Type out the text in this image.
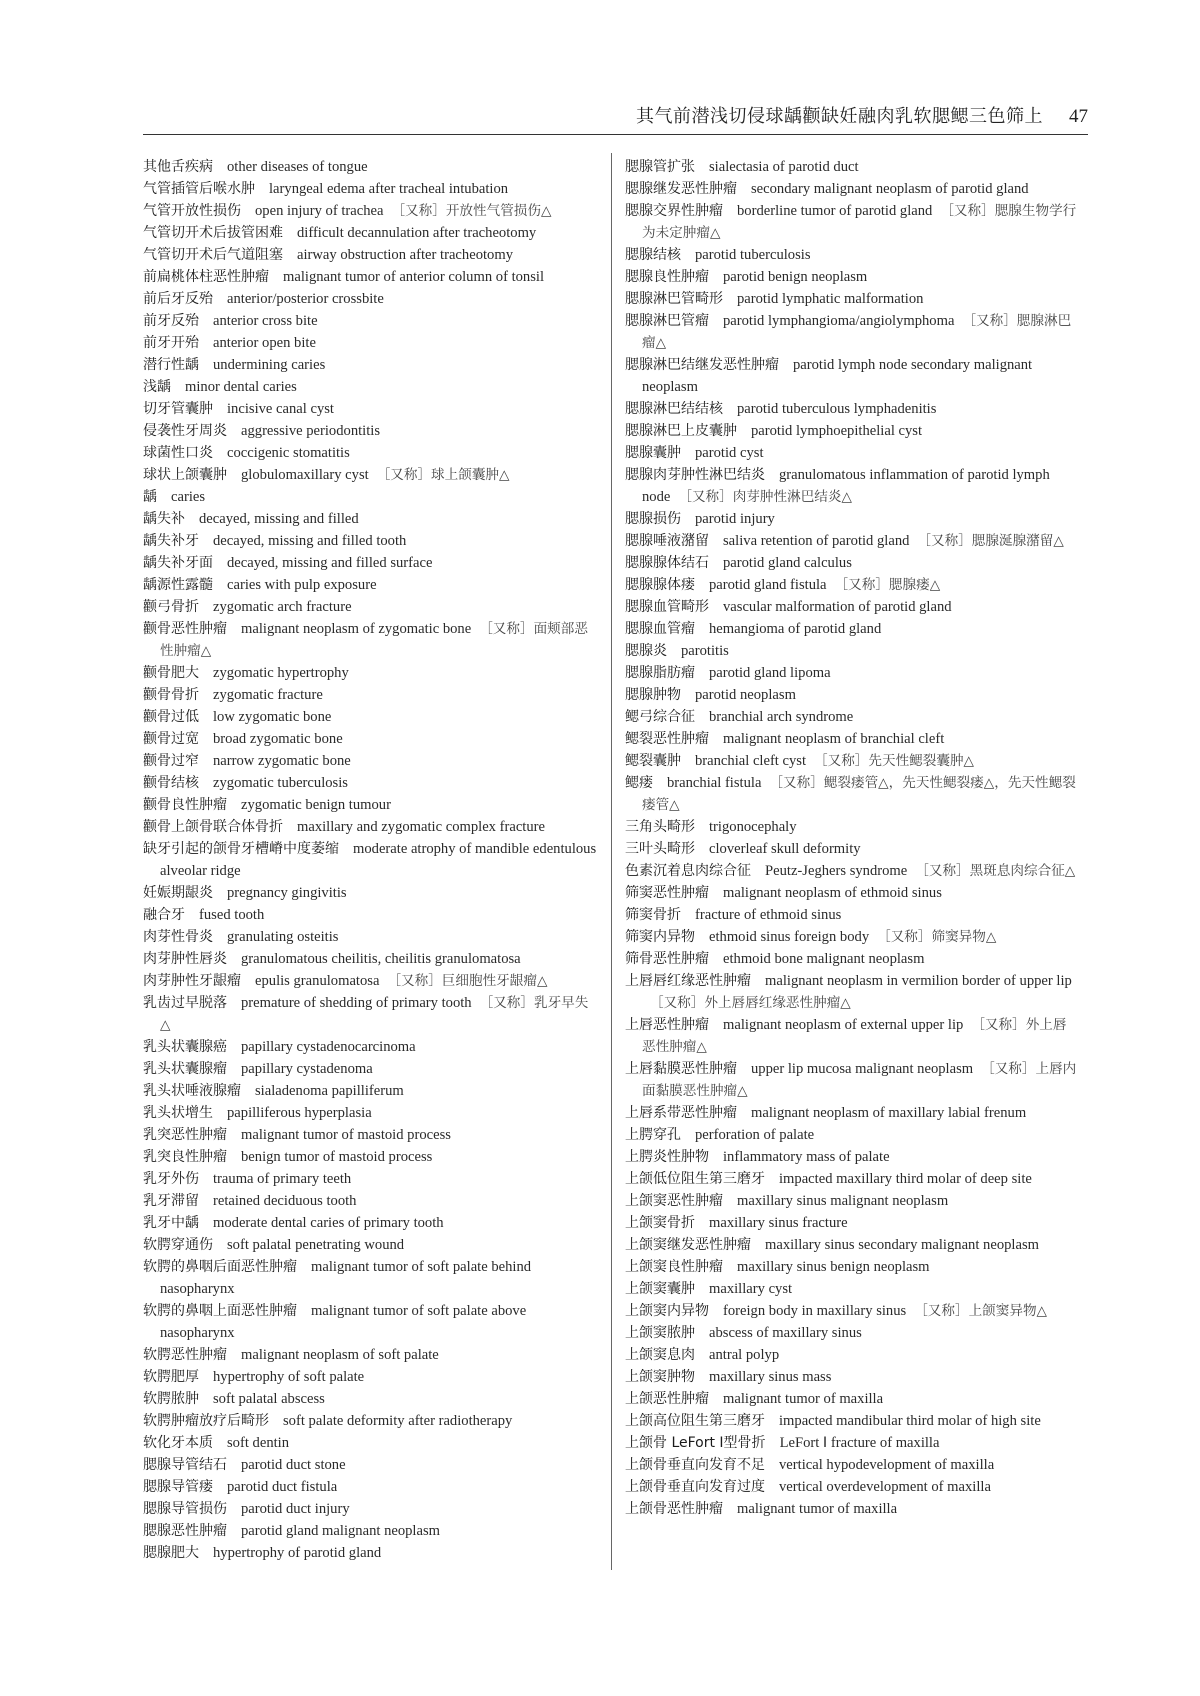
其气前潜浅切侵球龋颧缺妊融肉乳软腮鳃三色筛上 47
其他舌疾病 other diseases of tongue
气管插管后喉水肿 laryngeal edema after tracheal intubation
气管开放性损伤 open injury of trachea ［又称］开放性气管损伤△
气管切开术后拔管困难 difficult decannulation after tracheotomy
气管切开术后气道阻塞 airway obstruction after tracheotomy
前扁桃体柱恶性肿瘤 malignant tumor of anterior column of tonsil
前后牙反殆 anterior/posterior crossbite
前牙反殆 anterior cross bite
前牙开殆 anterior open bite
潜行性龋 undermining caries
浅龋 minor dental caries
切牙管囊肿 incisive canal cyst
侵袭性牙周炎 aggressive periodontitis
球菌性口炎 coccigenic stomatitis
球状上颌囊肿 globulomaxillary cyst ［又称］球上颌囊肿△
龋 caries
龋失补 decayed, missing and filled
龋失补牙 decayed, missing and filled tooth
龋失补牙面 decayed, missing and filled surface
龋源性露髓 caries with pulp exposure
颧弓骨折 zygomatic arch fracture
颧骨恶性肿瘤 malignant neoplasm of zygomatic bone ［又称］面颊部恶性肿瘤△
颧骨肥大 zygomatic hypertrophy
颧骨骨折 zygomatic fracture
颧骨过低 low zygomatic bone
颧骨过宽 broad zygomatic bone
颧骨过窄 narrow zygomatic bone
颧骨结核 zygomatic tuberculosis
颧骨良性肿瘤 zygomatic benign tumour
颧骨上颌骨联合体骨折 maxillary and zygomatic complex fracture
缺牙引起的颌骨牙槽嵴中度萎缩 moderate atrophy of mandible edentulous alveolar ridge
妊娠期龈炎 pregnancy gingivitis
融合牙 fused tooth
肉芽性骨炎 granulating osteitis
肉芽肿性唇炎 granulomatous cheilitis, cheilitis granulomatosa
肉芽肿性牙龈瘤 epulis granulomatosa ［又称］巨细胞性牙龈瘤△
乳齿过早脱落 premature of shedding of primary tooth ［又称］乳牙早失△
乳头状囊腺癌 papillary cystadenocarcinoma
乳头状囊腺瘤 papillary cystadenoma
乳头状唾液腺瘤 sialadenoma papilliferum
乳头状增生 papilliferous hyperplasia
乳突恶性肿瘤 malignant tumor of mastoid process
乳突良性肿瘤 benign tumor of mastoid process
乳牙外伤 trauma of primary teeth
乳牙滞留 retained deciduous tooth
乳牙中龋 moderate dental caries of primary tooth
软腭穿通伤 soft palatal penetrating wound
软腭的鼻咽后面恶性肿瘤 malignant tumor of soft palate behind nasopharynx
软腭的鼻咽上面恶性肿瘤 malignant tumor of soft palate above nasopharynx
软腭恶性肿瘤 malignant neoplasm of soft palate
软腭肥厚 hypertrophy of soft palate
软腭脓肿 soft palatal abscess
软腭肿瘤放疗后畸形 soft palate deformity after radiotherapy
软化牙本质 soft dentin
腮腺导管结石 parotid duct stone
腮腺导管瘘 parotid duct fistula
腮腺导管损伤 parotid duct injury
腮腺恶性肿瘤 parotid gland malignant neoplasm
腮腺肥大 hypertrophy of parotid gland
腮腺管扩张 sialectasia of parotid duct
腮腺继发恶性肿瘤 secondary malignant neoplasm of parotid gland
腮腺交界性肿瘤 borderline tumor of parotid gland ［又称］腮腺生物学行为未定肿瘤△
腮腺结核 parotid tuberculosis
腮腺良性肿瘤 parotid benign neoplasm
腮腺淋巴管畸形 parotid lymphatic malformation
腮腺淋巴管瘤 parotid lymphangioma/angiolymphoma ［又称］腮腺淋巴瘤△
腮腺淋巴结继发恶性肿瘤 parotid lymph node secondary malignant neoplasm
腮腺淋巴结结核 parotid tuberculous lymphadenitis
腮腺淋巴上皮囊肿 parotid lymphoepithelial cyst
腮腺囊肿 parotid cyst
腮腺肉芽肿性淋巴结炎 granulomatous inflammation of parotid lymph node ［又称］肉芽肿性淋巴结炎△
腮腺损伤 parotid injury
腮腺唾液潴留 saliva retention of parotid gland ［又称］腮腺涎腺潴留△
腮腺腺体结石 parotid gland calculus
腮腺腺体瘘 parotid gland fistula ［又称］腮腺瘘△
腮腺血管畸形 vascular malformation of parotid gland
腮腺血管瘤 hemangioma of parotid gland
腮腺炎 parotitis
腮腺脂肪瘤 parotid gland lipoma
腮腺肿物 parotid neoplasm
鳃弓综合征 branchial arch syndrome
鳃裂恶性肿瘤 malignant neoplasm of branchial cleft
鳃裂囊肿 branchial cleft cyst ［又称］先天性鳃裂囊肿△
鳃瘘 branchial fistula ［又称］鳃裂瘘管△，先天性鳃裂瘘△，先天性鳃裂瘘管△
三角头畸形 trigonocephaly
三叶头畸形 cloverleaf skull deformity
色素沉着息肉综合征 Peutz-Jeghers syndrome ［又称］黑斑息肉综合征△
筛窦恶性肿瘤 malignant neoplasm of ethmoid sinus
筛窦骨折 fracture of ethmoid sinus
筛窦内异物 ethmoid sinus foreign body ［又称］筛窦异物△
筛骨恶性肿瘤 ethmoid bone malignant neoplasm
上唇唇红缘恶性肿瘤 malignant neoplasm in vermilion border of upper lip［又称］外上唇唇红缘恶性肿瘤△
上唇恶性肿瘤 malignant neoplasm of external upper lip ［又称］外上唇恶性肿瘤△
上唇黏膜恶性肿瘤 upper lip mucosa malignant neoplasm ［又称］上唇内面黏膜恶性肿瘤△
上唇系带恶性肿瘤 malignant neoplasm of maxillary labial frenum
上腭穿孔 perforation of palate
上腭炎性肿物 inflammatory mass of palate
上颌低位阻生第三磨牙 impacted maxillary third molar of deep site
上颌窦恶性肿瘤 maxillary sinus malignant neoplasm
上颌窦骨折 maxillary sinus fracture
上颌窦继发恶性肿瘤 maxillary sinus secondary malignant neoplasm
上颌窦良性肿瘤 maxillary sinus benign neoplasm
上颌窦囊肿 maxillary cyst
上颌窦内异物 foreign body in maxillary sinus ［又称］上颌窦异物△
上颌窦脓肿 abscess of maxillary sinus
上颌窦息肉 antral polyp
上颌窦肿物 maxillary sinus mass
上颌恶性肿瘤 malignant tumor of maxilla
上颌高位阻生第三磨牙 impacted mandibular third molar of high site
上颌骨 LeFort Ⅰ型骨折 LeFort Ⅰ fracture of maxilla
上颌骨垂直向发育不足 vertical hypodevelopment of maxilla
上颌骨垂直向发育过度 vertical overdevelopment of maxilla
上颌骨恶性肿瘤 malignant tumor of maxilla
